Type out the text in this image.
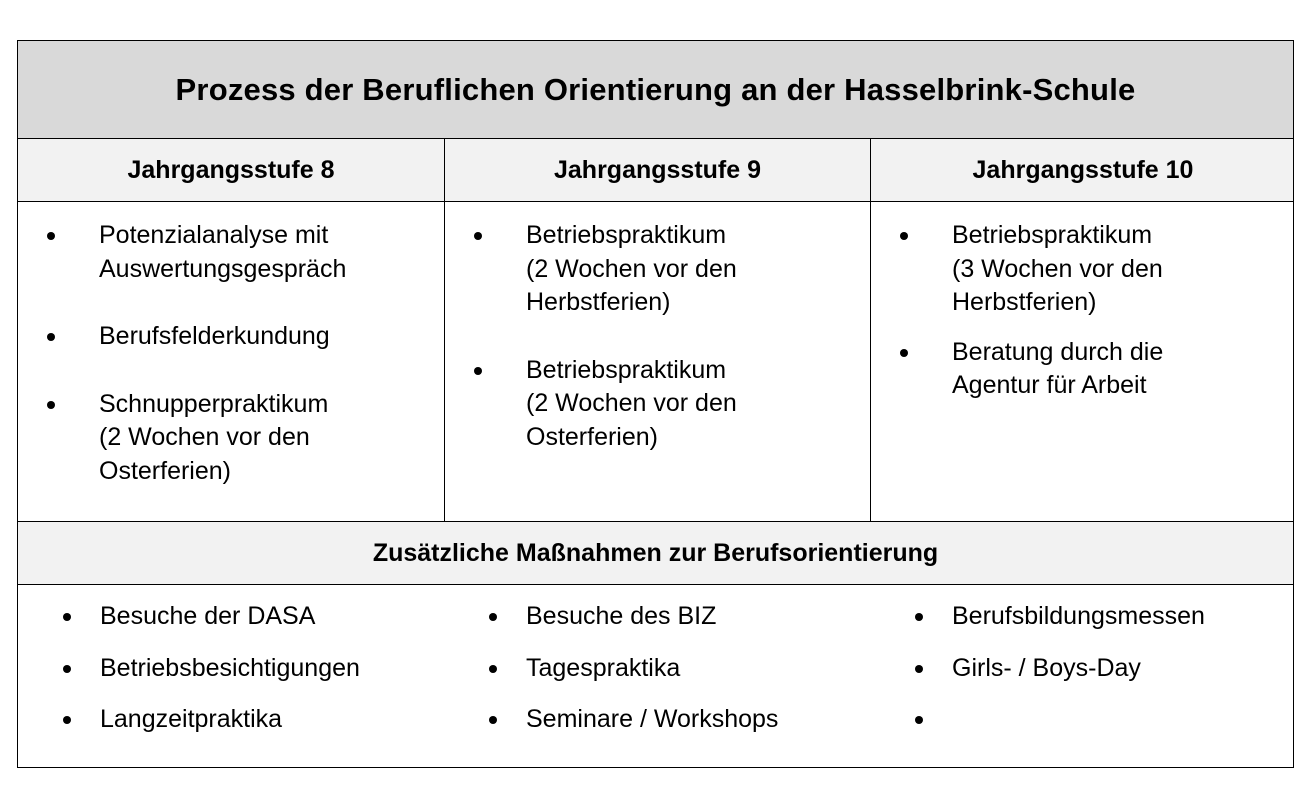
Prozess der Beruflichen Orientierung an der Hasselbrink-Schule
Jahrgangsstufe 8	Jahrgangsstufe 9	Jahrgangsstufe 10
Potenzialanalyse mit
Auswertungsgespräch
Berufsfelderkundung
Schnupperpraktikum
(2 Wochen vor den
Osterferien)
Betriebspraktikum
(2 Wochen vor den
Herbstferien)
Betriebspraktikum
(2 Wochen vor den
Osterferien)
Betriebspraktikum
(3 Wochen vor den
Herbstferien)
Beratung durch die
Agentur für Arbeit
Zusätzliche Maßnahmen zur Berufsorientierung
Besuche der DASA
Betriebsbesichtigungen
Langzeitpraktika
Besuche des BIZ
Tagespraktika
Seminare / Workshops
Berufsbildungsmessen
Girls- / Boys-Day
